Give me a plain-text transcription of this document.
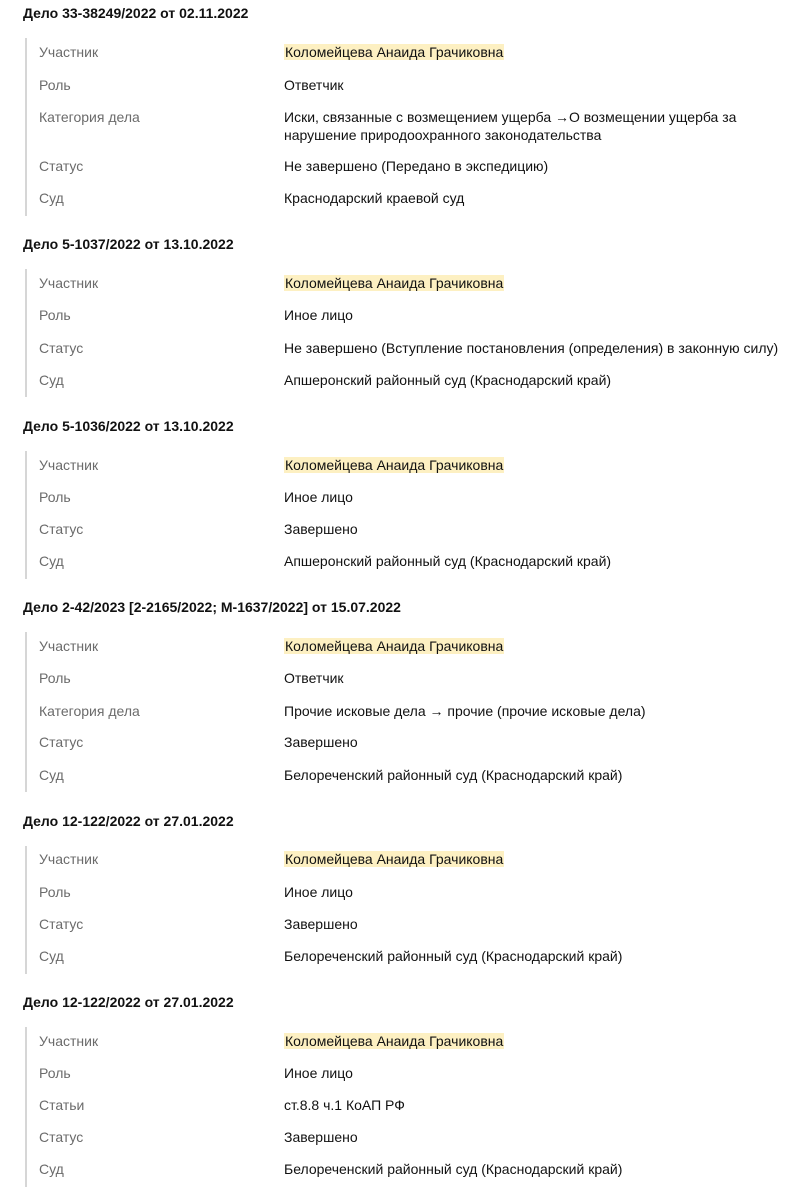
Дело 33-38249/2022 от 02.11.2022
Участник	Коломейцева Анаида Грачиковна
Роль	Ответчик
Категория дела	Иски, связанные с возмещением ущерба →О возмещении ущерба за нарушение природоохранного законодательства
Статус	Не завершено (Передано в экспедицию)
Суд	Краснодарский краевой суд
Дело 5-1037/2022 от 13.10.2022
Участник	Коломейцева Анаида Грачиковна
Роль	Иное лицо
Статус	Не завершено (Вступление постановления (определения) в законную силу)
Суд	Апшеронский районный суд (Краснодарский край)
Дело 5-1036/2022 от 13.10.2022
Участник	Коломейцева Анаида Грачиковна
Роль	Иное лицо
Статус	Завершено
Суд	Апшеронский районный суд (Краснодарский край)
Дело 2-42/2023 [2-2165/2022; М-1637/2022] от 15.07.2022
Участник	Коломейцева Анаида Грачиковна
Роль	Ответчик
Категория дела	Прочие исковые дела → прочие (прочие исковые дела)
Статус	Завершено
Суд	Белореченский районный суд (Краснодарский край)
Дело 12-122/2022 от 27.01.2022
Участник	Коломейцева Анаида Грачиковна
Роль	Иное лицо
Статус	Завершено
Суд	Белореченский районный суд (Краснодарский край)
Дело 12-122/2022 от 27.01.2022
Участник	Коломейцева Анаида Грачиковна
Роль	Иное лицо
Статьи	ст.8.8 ч.1 КоАП РФ
Статус	Завершено
Суд	Белореченский районный суд (Краснодарский край)
